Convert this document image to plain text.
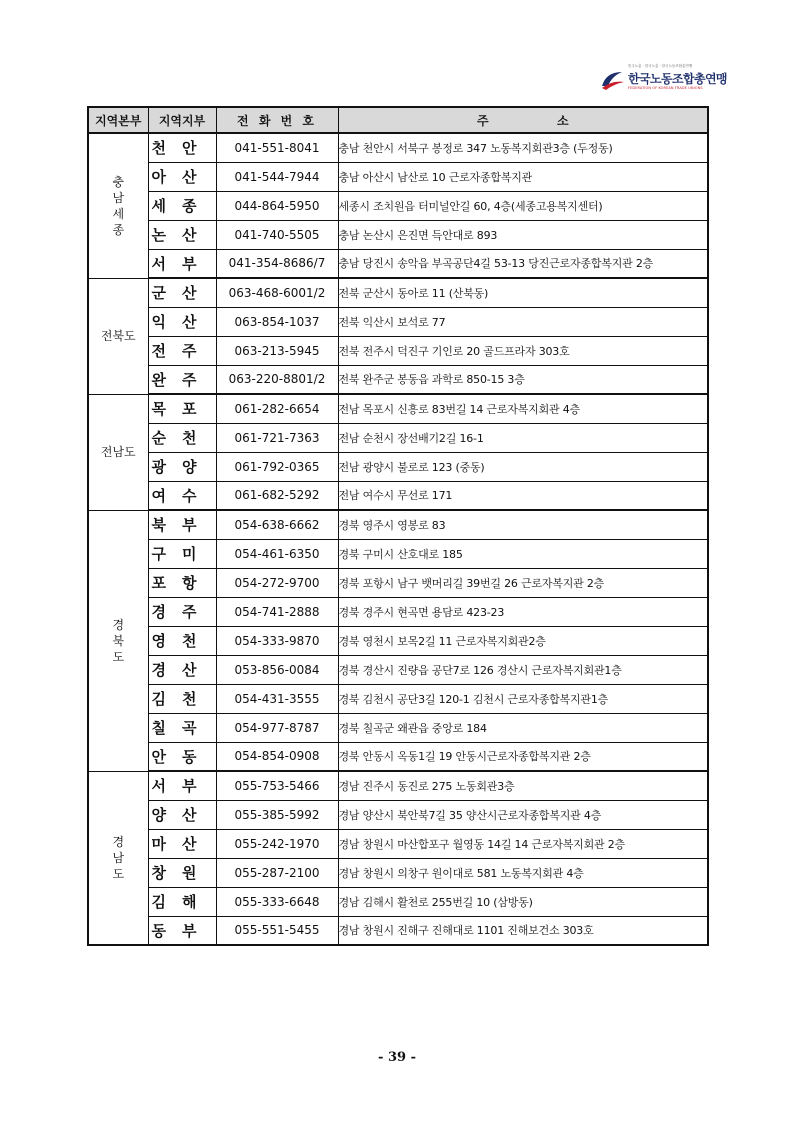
민주노총 · 한국노총 · 한국노동조합총연맹
한국노동조합총연맹
FEDERATION OF KOREAN TRADE UNIONS
지역본부	지역지부	전 화 번 호	주 소
충남세종	천안	041-551-8041	충남 천안시 서북구 봉정로 347 노동복지회관3층 (두정동)
	아산	041-544-7944	충남 아산시 남산로 10 근로자종합복지관
	세종	044-864-5950	세종시 조치원읍 터미널안길 60, 4층(세종고용복지센터)
	논산	041-740-5505	충남 논산시 은진면 득안대로 893
	서부	041-354-8686/7	충남 당진시 송악읍 부곡공단4길 53-13 당진근로자종합복지관 2층
전북도	군산	063-468-6001/2	전북 군산시 동아로 11 (산북동)
	익산	063-854-1037	전북 익산시 보석로 77
	전주	063-213-5945	전북 전주시 덕진구 기인로 20 골드프라자 303호
	완주	063-220-8801/2	전북 완주군 봉동읍 과학로 850-15 3층
전남도	목포	061-282-6654	전남 목포시 신흥로 83번길 14 근로자복지회관 4층
	순천	061-721-7363	전남 순천시 장선배기2길 16-1
	광양	061-792-0365	전남 광양시 불로로 123 (중동)
	여수	061-682-5292	전남 여수시 무선로 171
경북도	북부	054-638-6662	경북 영주시 영봉로 83
	구미	054-461-6350	경북 구미시 산호대로 185
	포항	054-272-9700	경북 포항시 남구 뱃머리길 39번길 26 근로자복지관 2층
	경주	054-741-2888	경북 경주시 현곡면 용담로 423-23
	영천	054-333-9870	경북 영천시 보목2길 11 근로자복지회관2층
	경산	053-856-0084	경북 경산시 진량읍 공단7로 126 경산시 근로자복지회관1층
	김천	054-431-3555	경북 김천시 공단3길 120-1 김천시 근로자종합복지관1층
	칠곡	054-977-8787	경북 칠곡군 왜관읍 중앙로 184
	안동	054-854-0908	경북 안동시 옥동1길 19 안동시근로자종합복지관 2층
경남도	서부	055-753-5466	경남 진주시 동진로 275 노동회관3층
	양산	055-385-5992	경남 양산시 북안북7길 35 양산시근로자종합복지관 4층
	마산	055-242-1970	경남 창원시 마산합포구 월영동 14길 14 근로자복지회관 2층
	창원	055-287-2100	경남 창원시 의창구 원이대로 581 노동복지회관 4층
	김해	055-333-6648	경남 김해시 활천로 255번길 10 (삼방동)
	동부	055-551-5455	경남 창원시 진해구 진해대로 1101 진해보건소 303호
- 39 -
